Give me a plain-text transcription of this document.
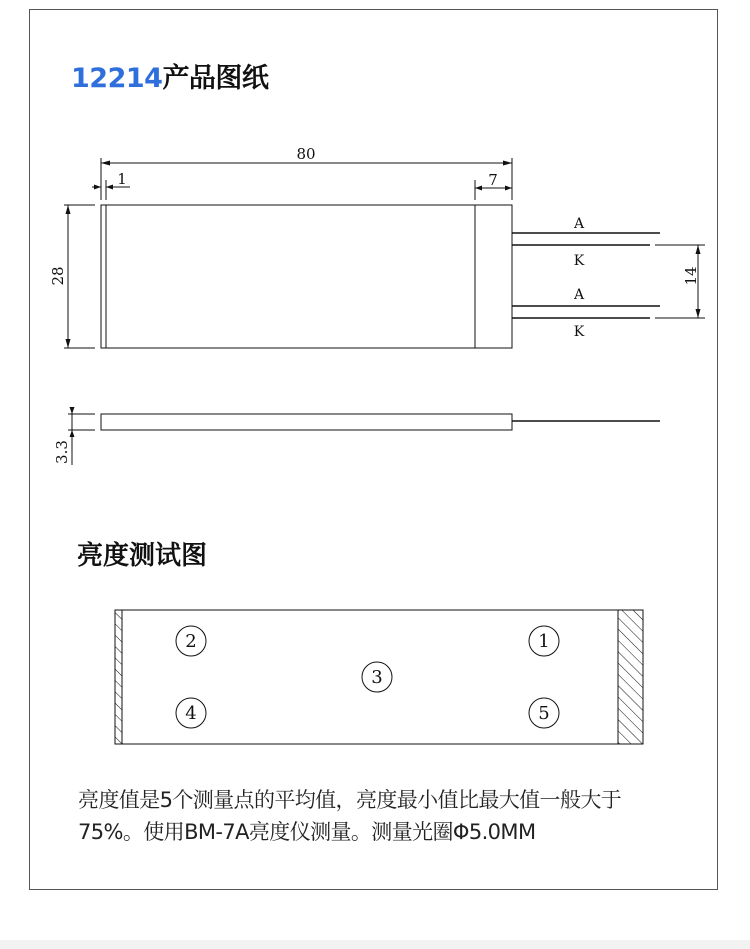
12214产品图纸
80
1	7
28	14
3.3
A
K
A
K
1
2
3
4	5
亮度测试图

亮度值是5个测量点的平均值，亮度最小值比最大值一般大于

75%。使用BM-7A亮度仪测量。测量光圈Φ5.0MM
